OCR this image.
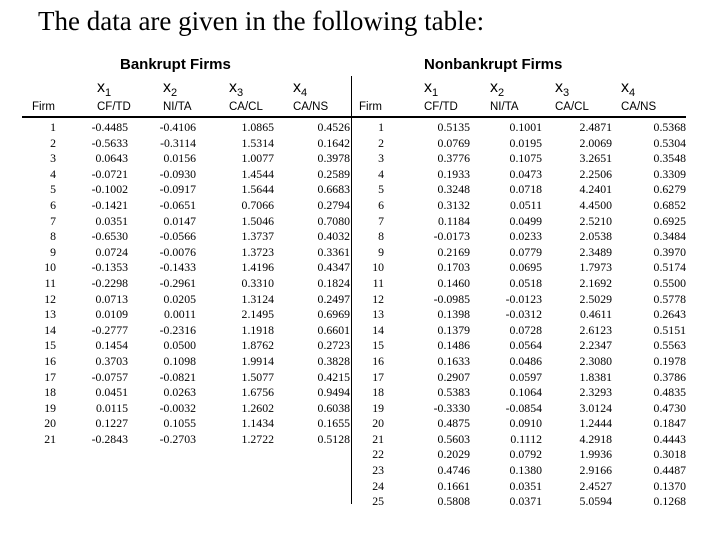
The data are given in the following table:
Bankrupt Firms
$x_1$	$x_2$	$x_3$	$x_4$
Firm	CF/TD	NI/TA	CA/CL	CA/NS
Nonbankrupt Firms
$x_1$	$x_2$	$x_3$	$x_4$
Firm	CF/TD	NI/TA	CA/CL	CA/NS
1	-0.4485	-0.4106	1.0865	0.4526
2	-0.5633	-0.3114	1.5314	0.1642
3	0.0643	0.0156	1.0077	0.3978
4	-0.0721	-0.0930	1.4544	0.2589
5	-0.1002	-0.0917	1.5644	0.6683
6	-0.1421	-0.0651	0.7066	0.2794
7	0.0351	0.0147	1.5046	0.7080
8	-0.6530	-0.0566	1.3737	0.4032
9	0.0724	-0.0076	1.3723	0.3361
10	-0.1353	-0.1433	1.4196	0.4347
11	-0.2298	-0.2961	0.3310	0.1824
12	0.0713	0.0205	1.3124	0.2497
13	0.0109	0.0011	2.1495	0.6969
14	-0.2777	-0.2316	1.1918	0.6601
15	0.1454	0.0500	1.8762	0.2723
16	0.3703	0.1098	1.9914	0.3828
17	-0.0757	-0.0821	1.5077	0.4215
18	0.0451	0.0263	1.6756	0.9494
19	0.0115	-0.0032	1.2602	0.6038
20	0.1227	0.1055	1.1434	0.1655
21	-0.2843	-0.2703	1.2722	0.5128
1	0.5135	0.1001	2.4871	0.5368
2	0.0769	0.0195	2.0069	0.5304
3	0.3776	0.1075	3.2651	0.3548
4	0.1933	0.0473	2.2506	0.3309
5	0.3248	0.0718	4.2401	0.6279
6	0.3132	0.0511	4.4500	0.6852
7	0.1184	0.0499	2.5210	0.6925
8	-0.0173	0.0233	2.0538	0.3484
9	0.2169	0.0779	2.3489	0.3970
10	0.1703	0.0695	1.7973	0.5174
11	0.1460	0.0518	2.1692	0.5500
12	-0.0985	-0.0123	2.5029	0.5778
13	0.1398	-0.0312	0.4611	0.2643
14	0.1379	0.0728	2.6123	0.5151
15	0.1486	0.0564	2.2347	0.5563
16	0.1633	0.0486	2.3080	0.1978
17	0.2907	0.0597	1.8381	0.3786
18	0.5383	0.1064	2.3293	0.4835
19	-0.3330	-0.0854	3.0124	0.4730
20	0.4875	0.0910	1.2444	0.1847
21	0.5603	0.1112	4.2918	0.4443
22	0.2029	0.0792	1.9936	0.3018
23	0.4746	0.1380	2.9166	0.4487
24	0.1661	0.0351	2.4527	0.1370
25	0.5808	0.0371	5.0594	0.1268
